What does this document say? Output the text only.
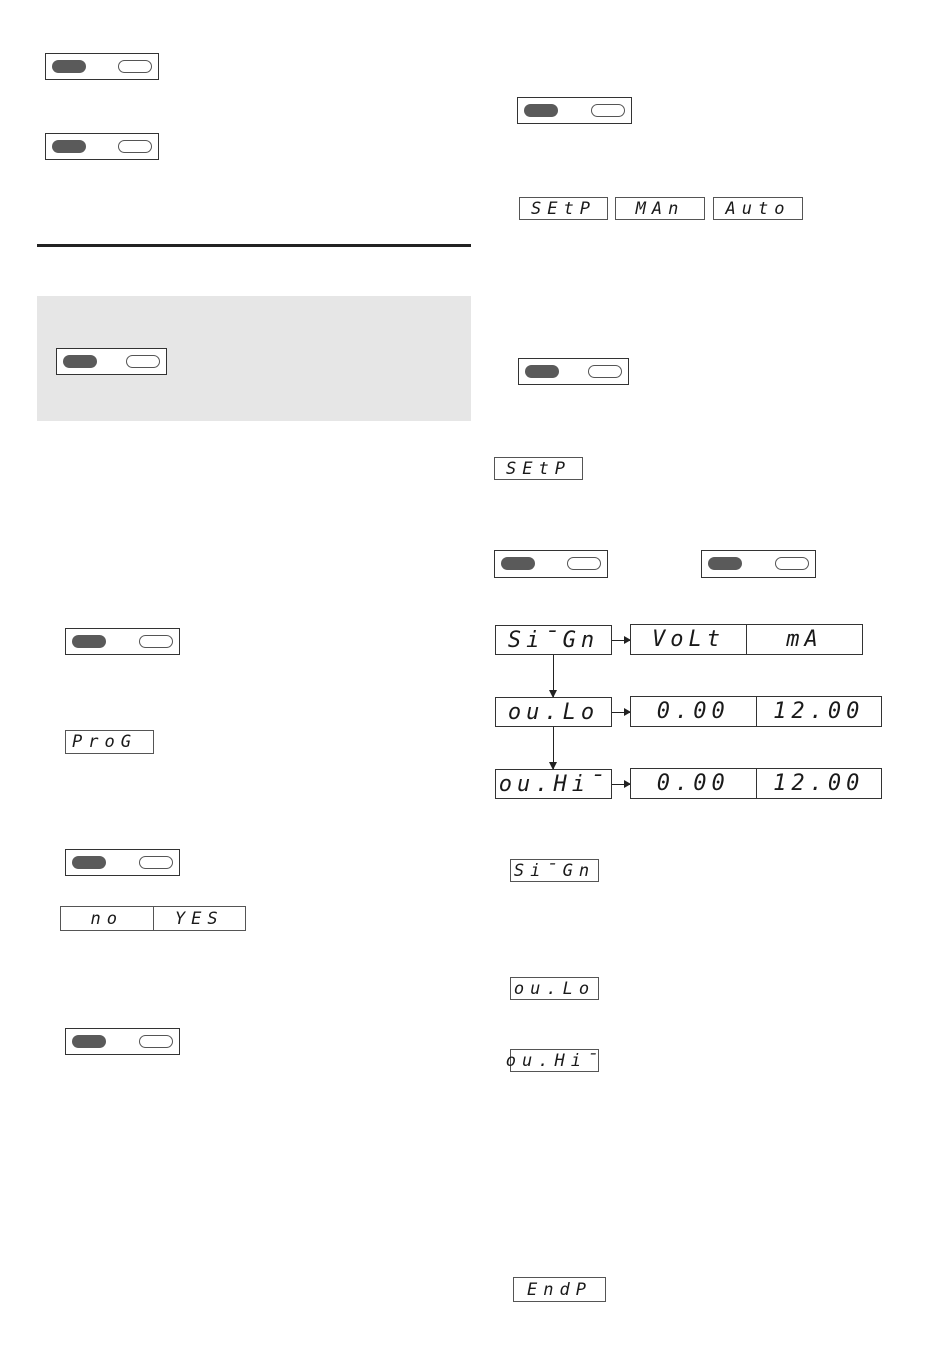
ProG
no	YES
SEtP MAn Auto
SEtP
Si¯Gn	VoLt	mA
ou.Lo	0.00	12.00
ou.Hi¯	0.00	12.00
Si¯Gn
ou.Lo
ou.Hi¯
EndP
